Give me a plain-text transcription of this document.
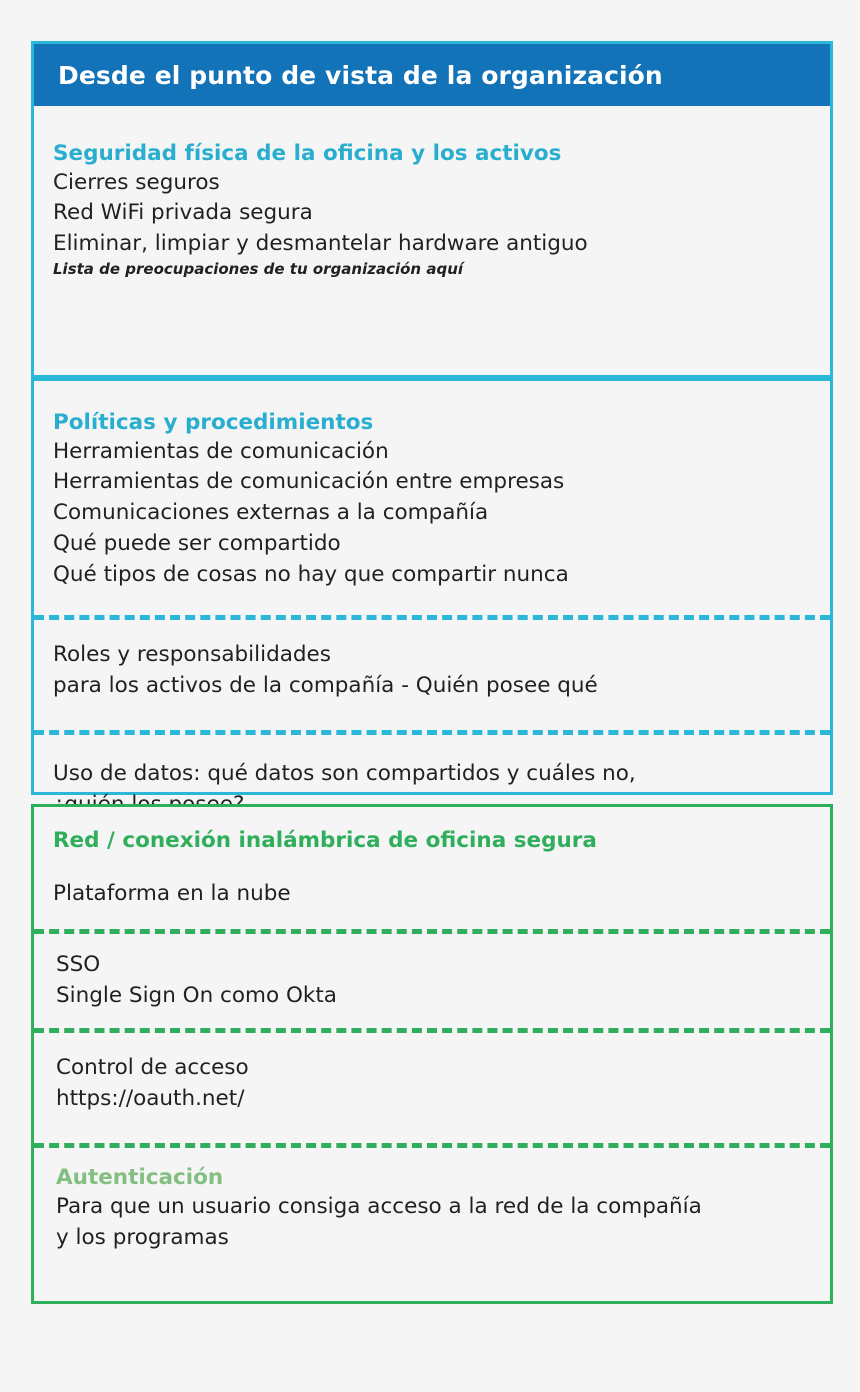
Desde el punto de vista de la organización

Seguridad física de la oficina y los activos

Cierres seguros

Red WiFi privada segura

Eliminar, limpiar y desmantelar hardware antiguo

Lista de preocupaciones de tu organización aquí

Políticas y procedimientos

Herramientas de comunicación

Herramientas de comunicación entre empresas

Comunicaciones externas a la compañía

Qué puede ser compartido

Qué tipos de cosas no hay que compartir nunca

Roles y responsabilidades

para los activos de la compañía - Quién posee qué

Uso de datos: qué datos son compartidos y cuáles no,

Red / conexión inalámbrica de oficina segura

Plataforma en la nube

SSO

Single Sign On como Okta

Control de acceso

https://oauth.net/

Autenticación

Para que un usuario consiga acceso a la red de la compañía

y los programas
